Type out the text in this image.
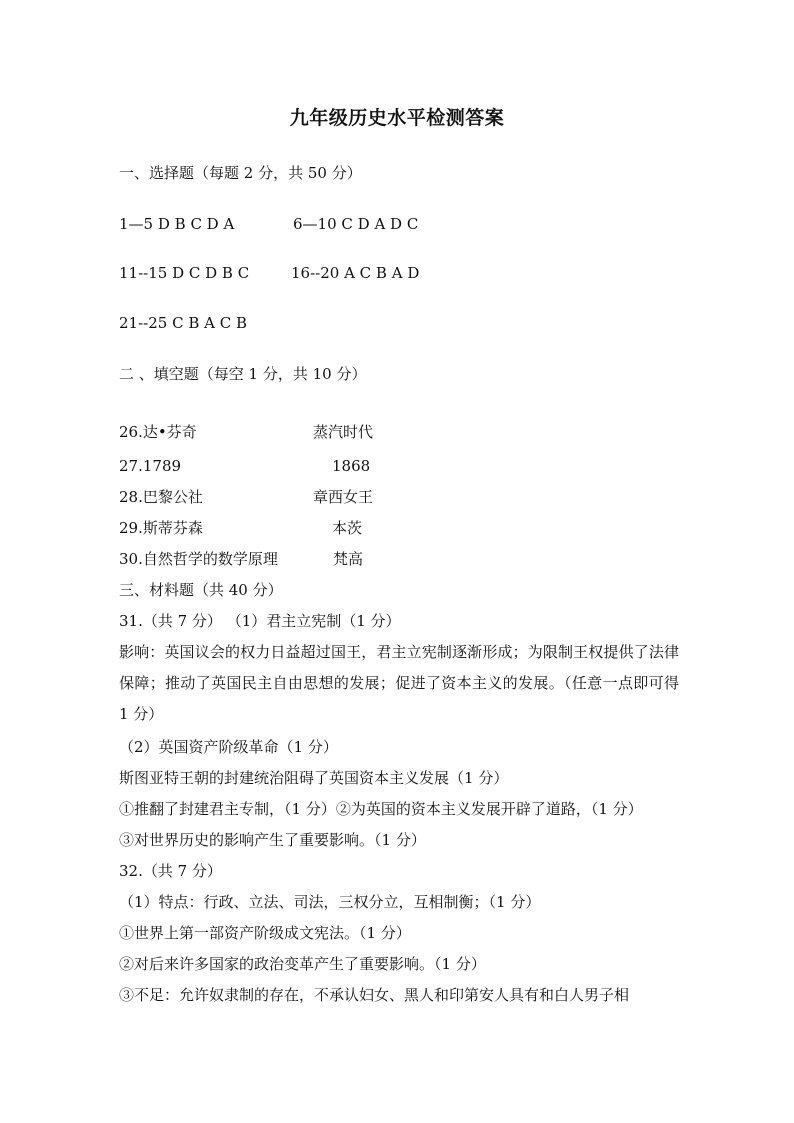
九年级历史水平检测答案
一、选择题（每题 2 分，共 50 分）
1—5 D B C D A	6—10 C D A D C
11--15 D C D B C	16--20 A C B A D
21--25 C B A C B
二 、填空题（每空 1 分，共 10 分）
26.达•芬奇	蒸汽时代
27.1789	1868
28.巴黎公社	章西女王
29.斯蒂芬森	本茨
30.自然哲学的数学原理	梵高
三、材料题（共 40 分）
31.（共 7 分） （1）君主立宪制（1 分）
影响：英国议会的权力日益超过国王，君主立宪制逐渐形成；为限制王权提供了法律保障；推动了英国民主自由思想的发展；促进了资本主义的发展。（任意一点即可得 1 分）
（2）英国资产阶级革命（1 分）
斯图亚特王朝的封建统治阻碍了英国资本主义发展（1 分）
①推翻了封建君主专制，（1 分）②为英国的资本主义发展开辟了道路，（1 分）
③对世界历史的影响产生了重要影响。（1 分）
32.（共 7 分）
（1）特点：行政、立法、司法，三权分立，互相制衡；（1 分）
①世界上第一部资产阶级成文宪法。（1 分）
②对后来许多国家的政治变革产生了重要影响。（1 分）
③不足：允许奴隶制的存在，不承认妇女、黑人和印第安人具有和白人男子相
